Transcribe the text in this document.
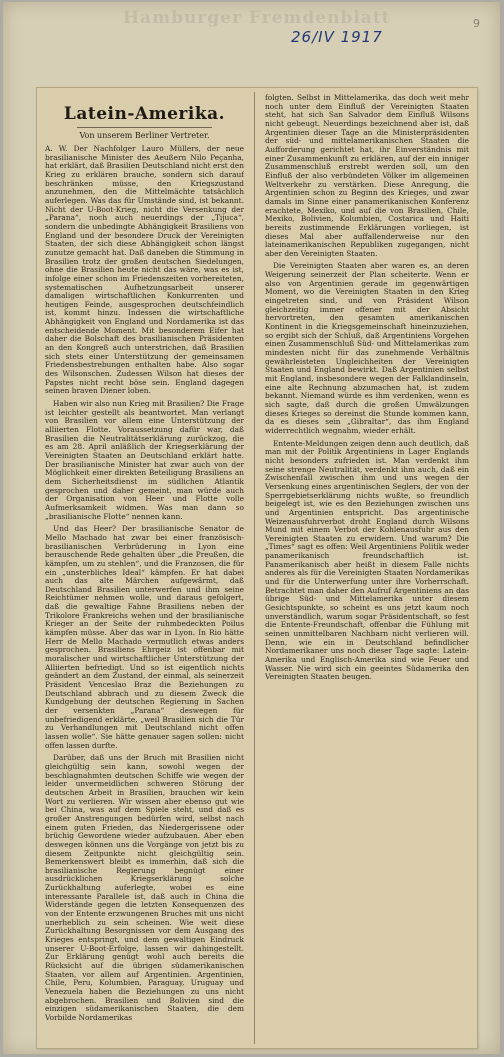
Hamburger Fremdenblatt
26/IV 1917
9
Latein-Amerika.
Von unserem Berliner Vertreter.

A. W. Der Nachfolger Lauro Müllers, der neue brasilianische Minister des Aeußern Nilo Peçanha, hat erklärt, daß Brasilien Deutschland nicht erst den Krieg zu erklären brauche, sondern sich darauf beschränken müsse, den Kriegszustand anzunehmen, den die Mittelmächte tatsächlich auferlegen. Was das für Umstände sind, ist bekannt. Nicht der U-Boot-Krieg, nicht die Versenkung der „Parana“, noch auch neuerdings der „Tijuca“, sondern die unbedingte Abhängigkeit Brasiliens von England und der besondere Druck der Vereinigten Staaten, der sich diese Abhängigkeit schon längst zunutze gemacht hat. Daß daneben die Stimmung in Brasilien trotz der großen deutschen Siedelungen, ohne die Brasilien heute nicht das wäre, was es ist, infolge einer schon im Friedenszeiten vorbereiteten, systematischen Aufhetzungsarbeit unserer damaligen wirtschaftlichen Konkurrenten und heutigen Feinde, ausgesprochen deutschfeindlich ist, kommt hinzu. Indessen die wirtschaftliche Abhängigkeit von England und Nordamerika ist das entscheidende Moment. Mit besonderem Eifer hat daher die Bolschaft des brasilianischen Präsidenten an den Kongreß auch unterstrichen, daß Brasilien sich stets einer Unterstützung der gemeinsamen Friedensbestrebungen enthalten habe. Also sogar des Wilsonschen. Zudessen Wilson hat dieses der Papstes nicht recht böse sein. England dagegen seinen braven Diener loben.

Haben wir also nun Krieg mit Brasilien? Die Frage ist leichter gestellt als beantwortet. Man verlangt von Brasilien vor allem eine Unterstützung der alliierten Flotte. Voraussetzung dafür war, daß Brasilien die Neutralitätserklärung zurückzog, die es am 28. April anläßlich der Kriegserklärung der Vereinigten Staaten an Deutschland erklärt hatte. Der brasilianische Minister hat zwar auch von der Möglichkeit einer direkten Beteiligung Brasiliens an dem Sicherheitsdienst im südlichen Atlantik gesprochen und daher gemeint, man würde auch der Organisation von Heer und Flotte volle Aufmerksamkeit widmen. Was man dann so „brasilianische Flotte“ nennen kann.

Und das Heer? Der brasilianische Senator de Mello Machado hat zwar bei einer französisch-brasilianischen Verbrüderung in Lyon eine berauschende Rede gehalten über „die Preußen, die kämpfen, um zu stehlen“, und die Franzosen, die für ein „unsterbliches Ideal“ kämpfen. Er hat dabei auch das alte Märchen aufgewärmt, daß Deutschland Brasilien unterwerfen und ihm seine Reichtümer nehmen wolle, und daraus gefolgert, daß die gewaltige Fahne Brasiliens neben der Trikolore Frankreichs wehen und der brasilianische Krieger an der Seite der ruhmbedeckten Poilus kämpfen müsse. Aber das war in Lyon. In Rio hätte Herr de Mello Machado vermutlich etwas anders gesprochen. Brasiliens Ehrgeiz ist offenbar mit moralischer und wirtschaftlicher Unterstützung der Alliierten befriedigt. Und so ist eigentlich nichts geändert an dem Zustand, der einmal, als seinerzeit Präsident Venceslao Braz die Beziehungen zu Deutschland abbrach und zu diesem Zweck die Kundgebung der deutschen Regierung in Sachen der versenkten „Parana“ deswegen für unbefriedigend erklärte, „weil Brasilien sich die Tür zu Verhandlungen mit Deutschland nicht offen lassen wolle“. Sie hätte genauer sagen sollen: nicht offen lassen durfte.

Darüber, daß uns der Bruch mit Brasilien nicht gleichgültig sein kann, sowohl wegen der beschlagnahmten deutschen Schiffe wie wegen der leider unvermeidlichen schweren Störung der deutschen Arbeit in Brasilien, brauchen wir kein Wort zu verlieren. Wir wissen aber ebenso gut wie bei China, was auf dem Spiele steht, und daß es großer Anstrengungen bedürfen wird, selbst nach einem guten Frieden, das Niedergerissene oder brüchig Gewordene wieder aufzubauen. Aber eben deswegen können uns die Vorgänge von jetzt bis zu diesem Zeitpunkte nicht gleichgültig sein. Bemerkenswert bleibt es immerhin, daß sich die brasilianische Regierung begnügt einer ausdrücklichen Kriegserklärung solche Zurückhaltung auferlegte, wobei es eine interessante Parallele ist, daß auch in China die Widerstände gegen die letzten Konsequenzen des von der Entente erzwungenen Bruches mit uns nicht unerheblich zu sein scheinen. Wie weit diese Zurückhaltung Besorgnissen vor dem Ausgang des Krieges entspringt, und dem gewaltigen Eindruck unserer U-Boot-Erfolge, lassen wir dahingestellt. Zur Erklärung genügt wohl auch bereits die Rücksicht auf die übrigen südamerikanischen Staaten, vor allem auf Argentinien. Argentinien, Chile, Peru, Kolumbien, Paraguay, Uruguay und Venezuela haben die Beziehungen zu uns nicht abgebrochen. Brasilien und Bolivien sind die einzigen südamerikanischen Staaten, die dem Vorbilde Nordamerikas

folgten. Selbst in Mittelamerika, das doch weit mehr noch unter dem Einfluß der Vereinigten Staaten steht, hat sich San Salvador dem Einfluß Wilsons nicht gebeugt. Neuerdings bezeichnend aber ist, daß Argentinien dieser Tage an die Ministerpräsidenten der süd- und mittelamerikanischen Staaten die Aufforderung gerichtet hat, ihr Einverständnis mit einer Zusammenkunft zu erklären, auf der ein inniger Zusammenschluß erstrebt werden soll, um den Einfluß der also verbündeten Völker im allgemeinen Weltverkehr zu verstärken. Diese Anregung, die Argentinien schon zu Beginn des Krieges, und zwar damals im Sinne einer panamerikanischen Konferenz erachtete, Mexiko, und auf die von Brasilien, Chile, Mexiko, Bolivien, Kolumbien, Costarica und Haiti bereits zustimmende Erklärungen vorliegen, ist dieses Mal aber auffallenderweise nur den lateinamerikanischen Republiken zugegangen, nicht aber den Vereinigten Staaten.

Die Vereinigten Staaten aber waren es, an deren Weigerung seinerzeit der Plan scheiterte. Wenn er also von Argentinien gerade im gegenwärtigen Moment, wo die Vereinigten Staaten in den Krieg eingetreten sind, und von Präsident Wilson gleichzeitig immer offener mit der Absicht hervortreten, den gesamten amerikanischen Kontinent in die Kriegsgemeinschaft hineinzuziehen, so ergibt sich der Schluß, daß Argentiniens Vorgehen einen Zusammenschluß Süd- und Mittelamerikas zum mindesten nicht für das zunehmende Verhältnis gewährleisteten Ungleichheiten der Vereinigten Staaten und England bewirkt. Daß Argentinien selbst mit England, insbesondere wegen der Falklandinseln, eine alte Rechnung abzumachen hat, ist zudem bekannt. Niemand würde es ihm verdenken, wenn es sich sagte, daß durch die großen Umwälzungen dieses Krieges so dereinst die Stunde kommen kann, da es dieses sein „Gibraltar“, das ihm England widerrechtlich wegnahm, wieder erhält.

Entente-Meldungen zeigen denn auch deutlich, daß man mit der Politik Argentiniens in Lager Englands nicht besonders zufrieden ist. Man verdenkt ihm seine strenge Neutralität, verdenkt ihm auch, daß ein Zwischenfall zwischen ihm und uns wegen der Versenkung eines argentinischen Seglers, der von der Sperrgebietserklärung nichts wußte, so freundlich beigelegt ist, wie es den Beziehungen zwischen uns und Argentinien entspricht. Das argentinische Weizenausfuhrverbot droht England durch Wilsons Mund mit einem Verbot der Kohlenausfuhr aus den Vereinigten Staaten zu erwidern. Und warum? Die „Times“ sagt es offen: Weil Argentiniens Politik weder panamerikanisch freundschaftlich ist. Panamerikanisch aber heißt in diesem Falle nichts anderes als für die Vereinigten Staaten Nordamerikas und für die Unterwerfung unter ihre Vorherrschaft. Betrachtet man daher den Aufruf Argentiniens an das übrige Süd- und Mittelamerika unter diesem Gesichtspunkte, so scheint es uns jetzt kaum noch unverständlich, warum sogar Präsidentschaft, so fest die Entente-Freundschaft, offenbar die Fühlung mit seinen unmittelbaren Nachbarn nicht verlieren will. Denn, wie ein in Deutschland befindlicher Nordamerikaner uns noch dieser Tage sagte: Latein-Amerika und Englisch-Amerika sind wie Feuer und Wasser. Nie wird sich ein geeintes Südamerika den Vereinigten Staaten beugen.
